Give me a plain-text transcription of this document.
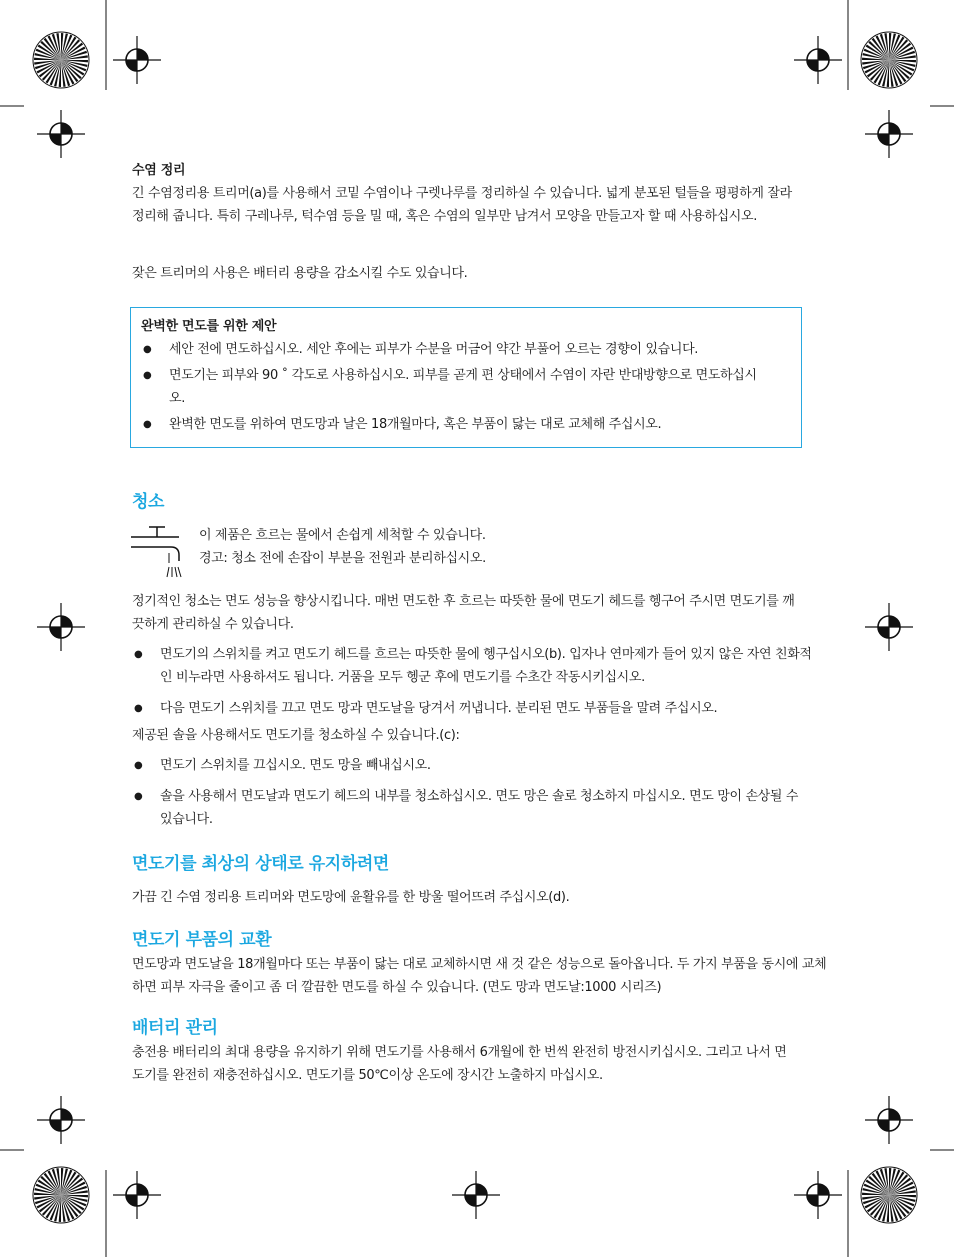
수염 정리

긴 수염정리용 트리머(a)를 사용해서 코밑 수염이나 구렛나루를 정리하실 수 있습니다. 넓게 분포된 털들을 평평하게 잘라 정리해 줍니다. 특히 구레나루, 턱수염 등을 밀 때, 혹은 수염의 일부만 남겨서 모양을 만들고자 할 때 사용하십시오.

잦은 트리머의 사용은 배터리 용량을 감소시킬 수도 있습니다.

완벽한 면도를 위한 제안
● 세안 전에 면도하십시오. 세안 후에는 피부가 수분을 머금어 약간 부풀어 오르는 경향이 있습니다.
● 면도기는 피부와 90 ˚ 각도로 사용하십시오. 피부를 곧게 편 상태에서 수염이 자란 반대방향으로 면도하십시오.
● 완벽한 면도를 위하여 면도망과 날은 18개월마다, 혹은 부품이 닳는 대로 교체해 주십시오.
청소

이 제품은 흐르는 물에서 손쉽게 세척할 수 있습니다.

경고: 청소 전에 손잡이 부분을 전원과 분리하십시오.

정기적인 청소는 면도 성능을 향상시킵니다. 매번 면도한 후 흐르는 따뜻한 물에 면도기 헤드를 헹구어 주시면 면도기를 깨끗하게 관리하실 수 있습니다.

● 면도기의 스위치를 켜고 면도기 헤드를 흐르는 따뜻한 물에 헹구십시오(b). 입자나 연마제가 들어 있지 않은 자연 친화적인 비누라면 사용하셔도 됩니다. 거품을 모두 헹군 후에 면도기를 수초간 작동시키십시오.
● 다음 면도기 스위치를 끄고 면도 망과 면도날을 당겨서 꺼냅니다. 분리된 면도 부품들을 말려 주십시오.

제공된 솔을 사용해서도 면도기를 청소하실 수 있습니다.(c):

● 면도기 스위치를 끄십시오. 면도 망을 빼내십시오.
● 솔을 사용해서 면도날과 면도기 헤드의 내부를 청소하십시오. 면도 망은 솔로 청소하지 마십시오. 면도 망이 손상될 수 있습니다.
면도기를 최상의 상태로 유지하려면

가끔 긴 수염 정리용 트리머와 면도망에 윤활유를 한 방울 떨어뜨려 주십시오(d).

면도기 부품의 교환

면도망과 면도날을 18개월마다 또는 부품이 닳는 대로 교체하시면 새 것 같은 성능으로 돌아옵니다. 두 가지 부품을 동시에 교체하면 피부 자극을 줄이고 좀 더 깔끔한 면도를 하실 수 있습니다. (면도 망과 면도날:1000 시리즈)

배터리 관리

충전용 배터리의 최대 용량을 유지하기 위해 면도기를 사용해서 6개월에 한 번씩 완전히 방전시키십시오. 그리고 나서 면도기를 완전히 재충전하십시오. 면도기를 50℃이상 온도에 장시간 노출하지 마십시오.
